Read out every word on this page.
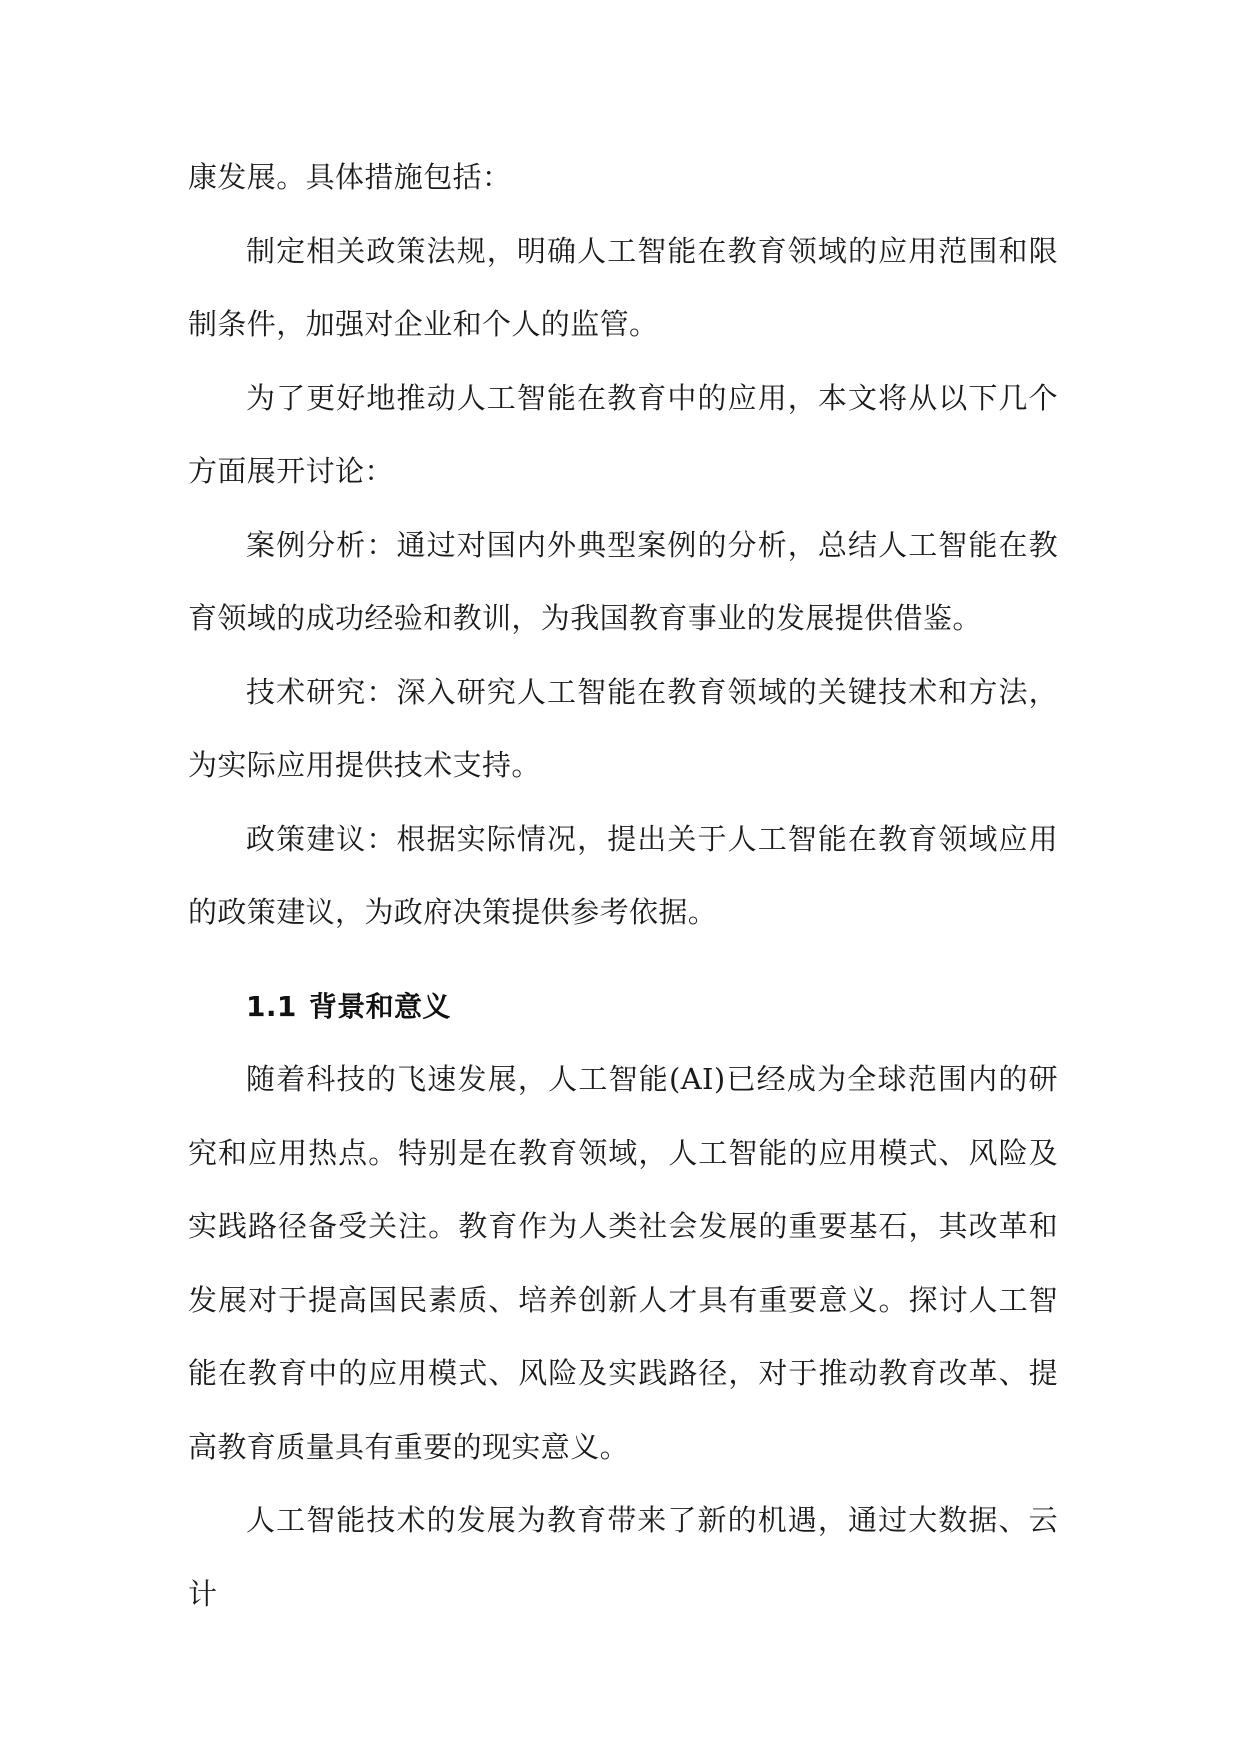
康发展。具体措施包括：

制定相关政策法规，明确人工智能在教育领域的应用范围和限制条件，加强对企业和个人的监管。

为了更好地推动人工智能在教育中的应用，本文将从以下几个方面展开讨论：

案例分析：通过对国内外典型案例的分析，总结人工智能在教育领域的成功经验和教训，为我国教育事业的发展提供借鉴。

技术研究：深入研究人工智能在教育领域的关键技术和方法，为实际应用提供技术支持。

政策建议：根据实际情况，提出关于人工智能在教育领域应用的政策建议，为政府决策提供参考依据。

1.1 背景和意义

随着科技的飞速发展，人工智能(AI)已经成为全球范围内的研究和应用热点。特别是在教育领域，人工智能的应用模式、风险及实践路径备受关注。教育作为人类社会发展的重要基石，其改革和发展对于提高国民素质、培养创新人才具有重要意义。探讨人工智能在教育中的应用模式、风险及实践路径，对于推动教育改革、提高教育质量具有重要的现实意义。

人工智能技术的发展为教育带来了新的机遇，通过大数据、云计
